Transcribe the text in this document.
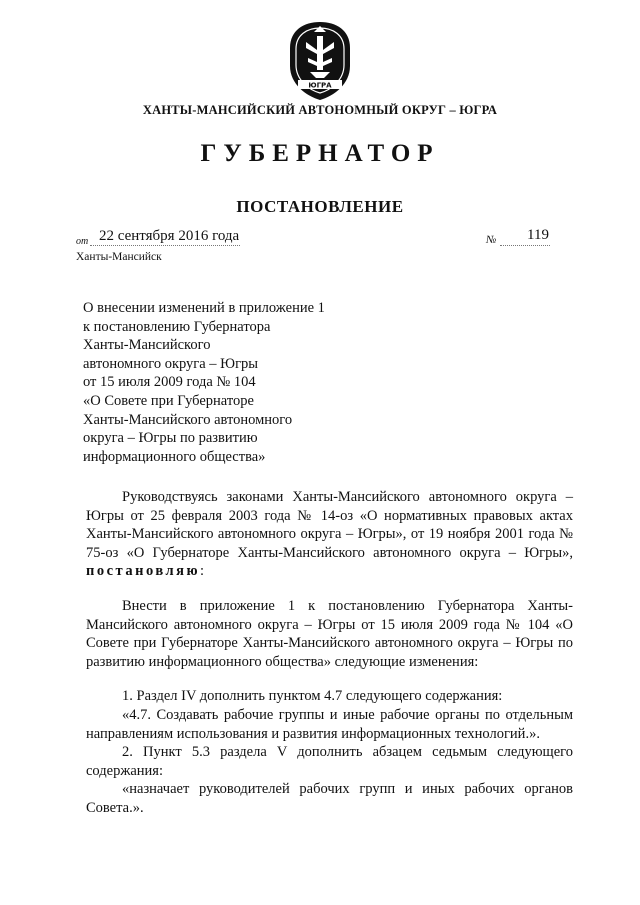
ЮГРА
ХАНТЫ-МАНСИЙСКИЙ АВТОНОМНЫЙ ОКРУГ – ЮГРА
ГУБЕРНАТОР
ПОСТАНОВЛЕНИЕ
от 22 сентября 2016 года	№ 119
Ханты-Мансийск
О внесении изменений в приложение 1
к постановлению Губернатора
Ханты-Мансийского
автономного округа – Югры
от 15 июля 2009 года № 104
«О Совете при Губернаторе
Ханты-Мансийского автономного
округа – Югры по развитию
информационного общества»

Руководствуясь законами Ханты-Мансийского автономного округа – Югры от 25 февраля 2003 года № 14-оз «О нормативных правовых актах Ханты-Мансийского автономного округа – Югры», от 19 ноября 2001 года № 75-оз «О Губернаторе Ханты-Мансийского автономного округа – Югры», постановляю:

Внести в приложение 1 к постановлению Губернатора Ханты-Мансийского автономного округа – Югры от 15 июля 2009 года № 104 «О Совете при Губернаторе Ханты-Мансийского автономного округа – Югры по развитию информационного общества» следующие изменения:

1. Раздел IV дополнить пунктом 4.7 следующего содержания:

«4.7. Создавать рабочие группы и иные рабочие органы по отдельным направлениям использования и развития информационных технологий.».

2. Пункт 5.3 раздела V дополнить абзацем седьмым следующего содержания:

«назначает руководителей рабочих групп и иных рабочих органов Совета.».
